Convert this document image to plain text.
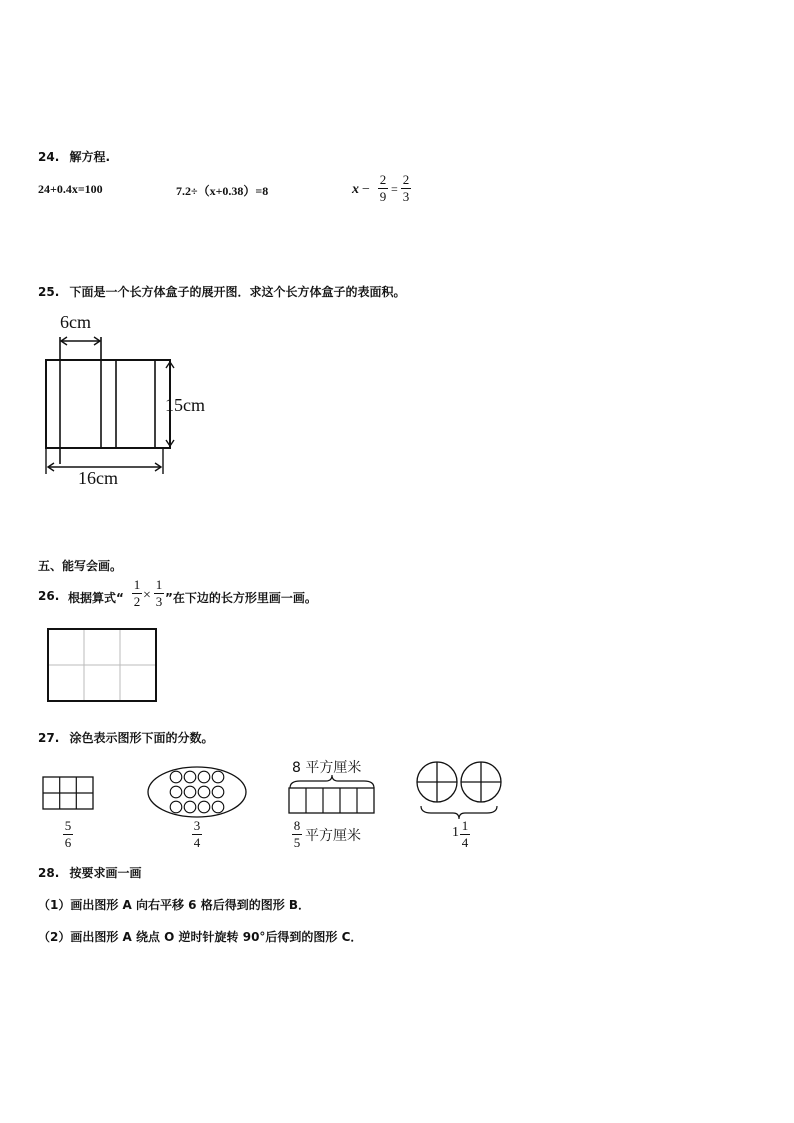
24. 解方程.
24+0.4x=100	7.2÷（x+0.38）=8	x −
2
9 =
2
3
25. 下面是一个长方体盒子的展开图．求这个长方体盒子的表面积。
6cm
15cm
16cm
五、能写会画。
26. 根据算式“
1
2 ×
1
3 ”在下边的长方形里画一画。
27. 涂色表示图形下面的分数。
5
6
3
4
8 平方厘米
8
5 平方厘米	1 1
4
28. 按要求画一画
（1）画出图形 A 向右平移 6 格后得到的图形 B．
（2）画出图形 A 绕点 O 逆时针旋转 90°后得到的图形 C．
